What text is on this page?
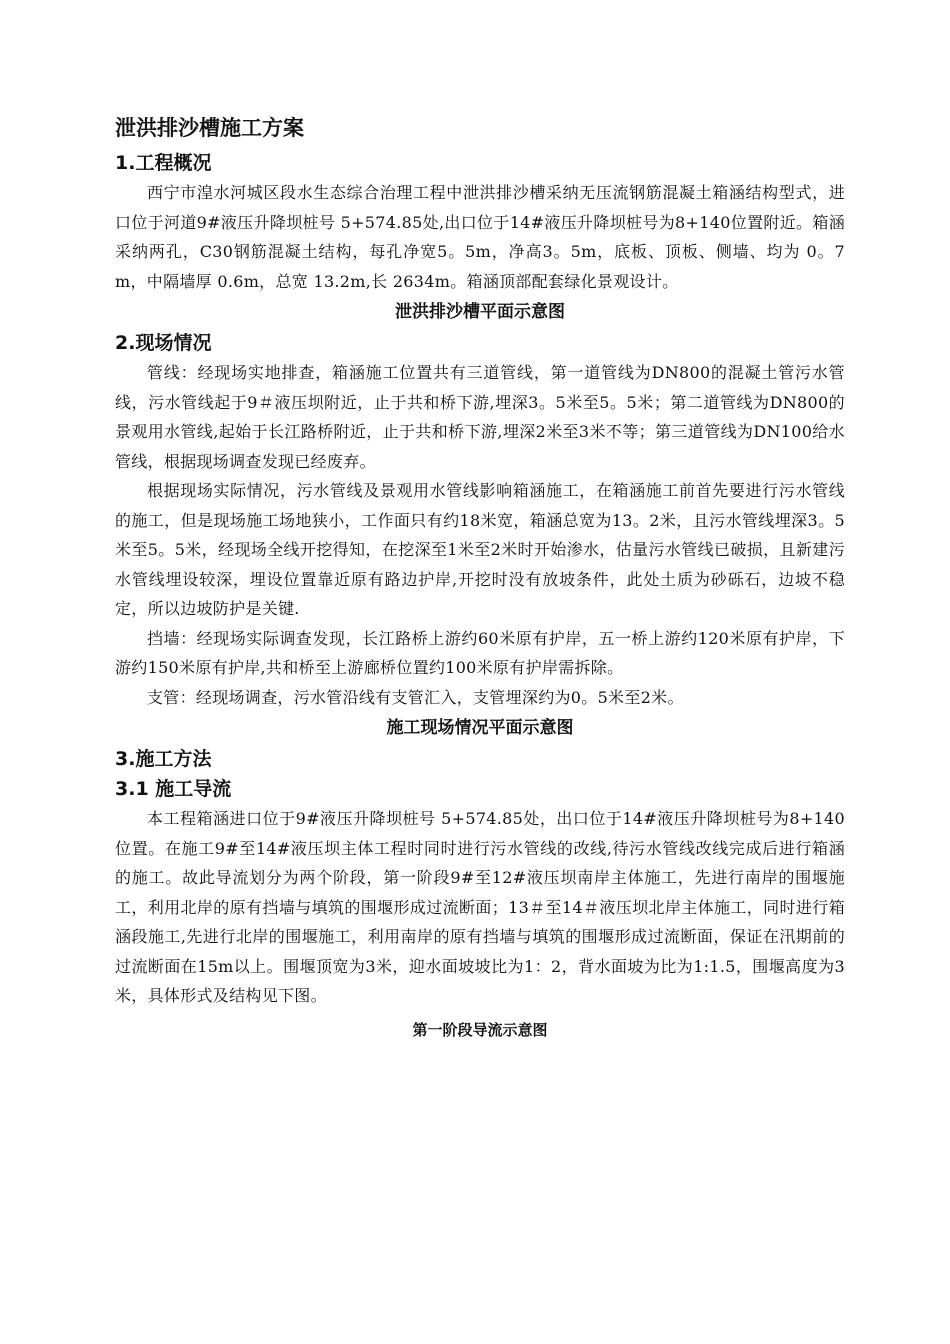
泄洪排沙槽施工方案
1.工程概况

西宁市湟水河城区段水生态综合治理工程中泄洪排沙槽采纳无压流钢筋混凝土箱涵结构型式，进口位于河道9#液压升降坝桩号 5+574.85处,出口位于14#液压升降坝桩号为8+140位置附近。箱涵采纳两孔，C30钢筋混凝土结构，每孔净宽5。5m，净高3。5m，底板、顶板、侧墙、均为 0。7m，中隔墙厚 0.6m，总宽 13.2m,长 2634m。箱涵顶部配套绿化景观设计。

泄洪排沙槽平面示意图
2.现场情况

管线：经现场实地排查，箱涵施工位置共有三道管线，第一道管线为DN800的混凝土管污水管线，污水管线起于9＃液压坝附近，止于共和桥下游,埋深3。5米至5。5米；第二道管线为DN800的景观用水管线,起始于长江路桥附近，止于共和桥下游,埋深2米至3米不等；第三道管线为DN100给水管线，根据现场调查发现已经废弃。

根据现场实际情况，污水管线及景观用水管线影响箱涵施工，在箱涵施工前首先要进行污水管线的施工，但是现场施工场地狭小，工作面只有约18米宽，箱涵总宽为13。2米，且污水管线埋深3。5米至5。5米，经现场全线开挖得知，在挖深至1米至2米时开始渗水，估量污水管线已破损，且新建污水管线埋设较深，埋设位置靠近原有路边护岸,开挖时没有放坡条件，此处土质为砂砾石，边坡不稳定，所以边坡防护是关键.

挡墙：经现场实际调查发现，长江路桥上游约60米原有护岸，五一桥上游约120米原有护岸，下游约150米原有护岸,共和桥至上游廊桥位置约100米原有护岸需拆除。

支管：经现场调查，污水管沿线有支管汇入，支管埋深约为0。5米至2米。

施工现场情况平面示意图
3.施工方法
3.1 施工导流

本工程箱涵进口位于9#液压升降坝桩号 5+574.85处，出口位于14#液压升降坝桩号为8+140位置。在施工9#至14#液压坝主体工程时同时进行污水管线的改线,待污水管线改线完成后进行箱涵的施工。故此导流划分为两个阶段，第一阶段9#至12#液压坝南岸主体施工，先进行南岸的围堰施工，利用北岸的原有挡墙与填筑的围堰形成过流断面；13＃至14＃液压坝北岸主体施工，同时进行箱涵段施工,先进行北岸的围堰施工，利用南岸的原有挡墙与填筑的围堰形成过流断面，保证在汛期前的过流断面在15m以上。围堰顶宽为3米，迎水面坡坡比为1：2，背水面坡为比为1:1.5，围堰高度为3米，具体形式及结构见下图。

第一阶段导流示意图
